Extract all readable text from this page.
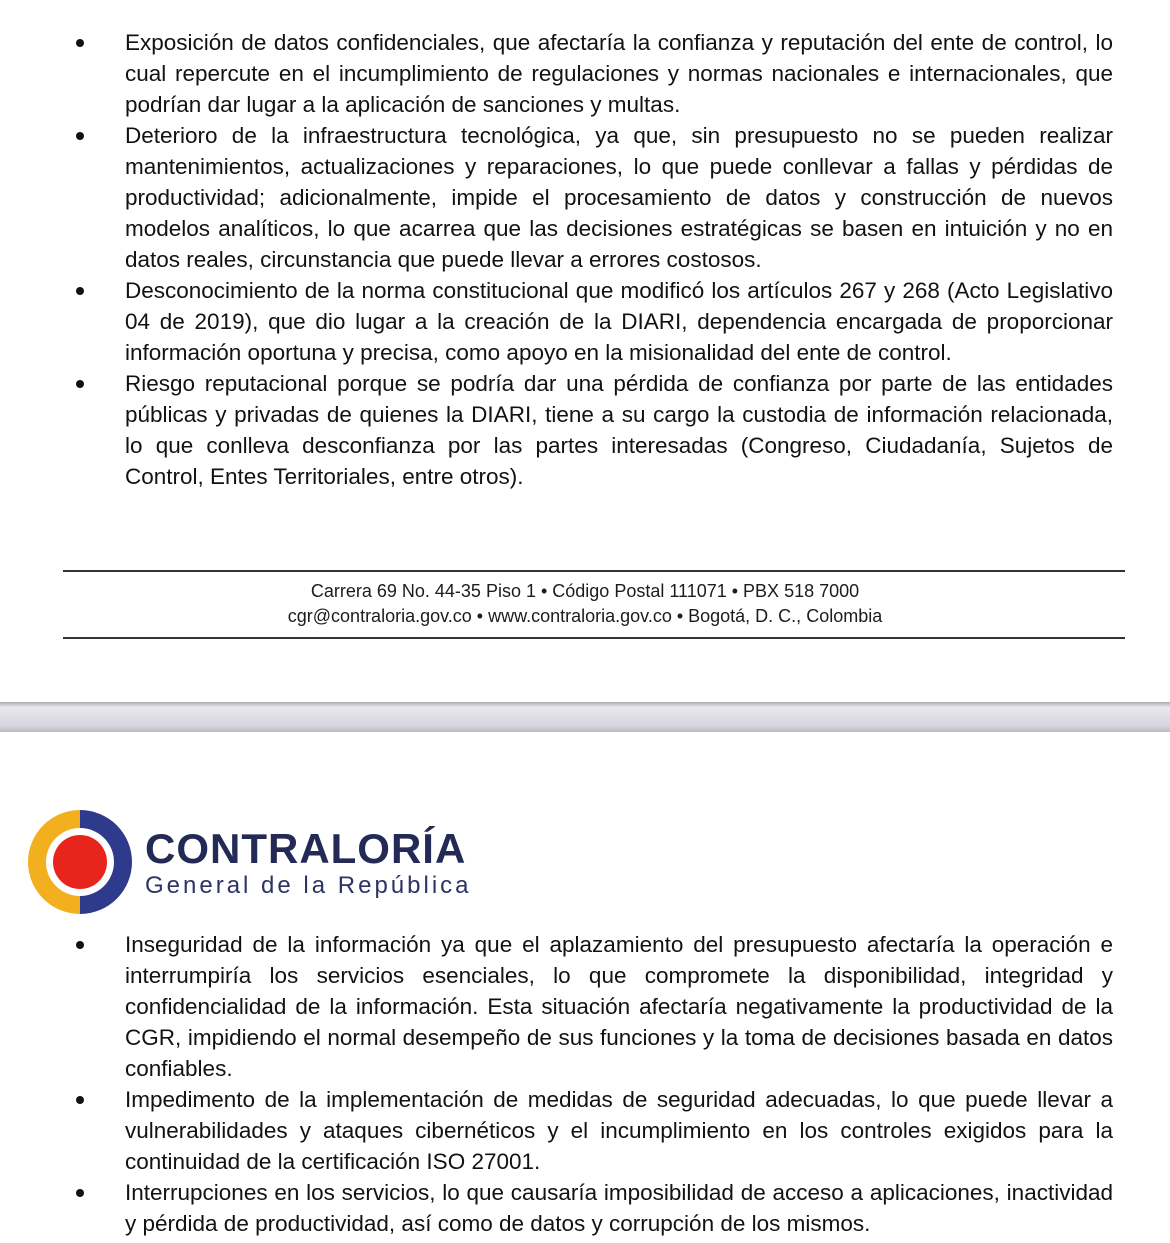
Exposición de datos confidenciales, que afectaría la confianza y reputación del ente de control, lo cual repercute en el incumplimiento de regulaciones y normas nacionales e internacionales, que podrían dar lugar a la aplicación de sanciones y multas.
Deterioro de la infraestructura tecnológica, ya que, sin presupuesto no se pueden realizar mantenimientos, actualizaciones y reparaciones, lo que puede conllevar a fallas y pérdidas de productividad; adicionalmente, impide el procesamiento de datos y construcción de nuevos modelos analíticos, lo que acarrea que las decisiones estratégicas se basen en intuición y no en datos reales, circunstancia que puede llevar a errores costosos.
Desconocimiento de la norma constitucional que modificó los artículos 267 y 268 (Acto Legislativo 04 de 2019), que dio lugar a la creación de la DIARI, dependencia encargada de proporcionar información oportuna y precisa, como apoyo en la misionalidad del ente de control.
Riesgo reputacional porque se podría dar una pérdida de confianza por parte de las entidades públicas y privadas de quienes la DIARI, tiene a su cargo la custodia de información relacionada, lo que conlleva desconfianza por las partes interesadas (Congreso, Ciudadanía, Sujetos de Control, Entes Territoriales, entre otros).
Carrera 69 No. 44-35 Piso 1 • Código Postal 111071 • PBX 518 7000
cgr@contraloria.gov.co • www.contraloria.gov.co • Bogotá, D. C., Colombia
CONTRALORÍA
General de la República
Inseguridad de la información ya que el aplazamiento del presupuesto afectaría la operación e interrumpiría los servicios esenciales, lo que compromete la disponibilidad, integridad y confidencialidad de la información. Esta situación afectaría negativamente la productividad de la CGR, impidiendo el normal desempeño de sus funciones y la toma de decisiones basada en datos confiables.
Impedimento de la implementación de medidas de seguridad adecuadas, lo que puede llevar a vulnerabilidades y ataques cibernéticos y el incumplimiento en los controles exigidos para la continuidad de la certificación ISO 27001.
Interrupciones en los servicios, lo que causaría imposibilidad de acceso a aplicaciones, inactividad y pérdida de productividad, así como de datos y corrupción de los mismos.
